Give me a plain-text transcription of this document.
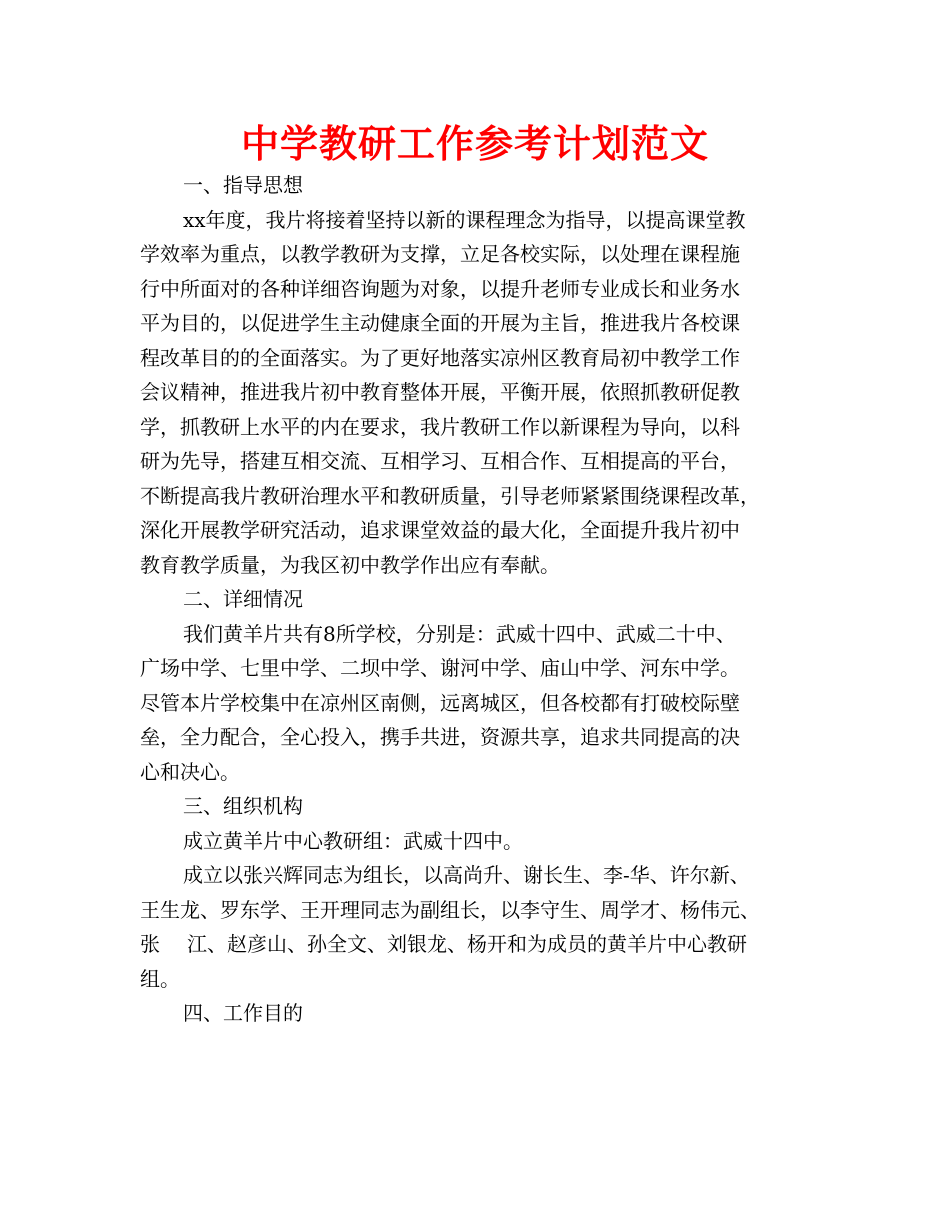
中学教研工作参考计划范文
一、指导思想
xx年度，我片将接着坚持以新的课程理念为指导，以提高课堂教
学效率为重点，以教学教研为支撑，立足各校实际，以处理在课程施
行中所面对的各种详细咨询题为对象，以提升老师专业成长和业务水
平为目的，以促进学生主动健康全面的开展为主旨，推进我片各校课
程改革目的的全面落实。为了更好地落实凉州区教育局初中教学工作
会议精神，推进我片初中教育整体开展，平衡开展，依照抓教研促教
学，抓教研上水平的内在要求，我片教研工作以新课程为导向，以科
研为先导，搭建互相交流、互相学习、互相合作、互相提高的平台，
不断提高我片教研治理水平和教研质量，引导老师紧紧围绕课程改革，
深化开展教学研究活动，追求课堂效益的最大化，全面提升我片初中
教育教学质量，为我区初中教学作出应有奉献。
二、详细情况
我们黄羊片共有8所学校，分别是：武威十四中、武威二十中、
广场中学、七里中学、二坝中学、谢河中学、庙山中学、河东中学。
尽管本片学校集中在凉州区南侧，远离城区，但各校都有打破校际壁
垒，全力配合，全心投入，携手共进，资源共享，追求共同提高的决
心和决心。
三、组织机构
成立黄羊片中心教研组：武威十四中。
成立以张兴辉同志为组长，以高尚升、谢长生、李-华、许尔新、
王生龙、罗东学、王开理同志为副组长，以李守生、周学才、杨伟元、
张 江、赵彦山、孙全文、刘银龙、杨开和为成员的黄羊片中心教研
组。
四、工作目的
